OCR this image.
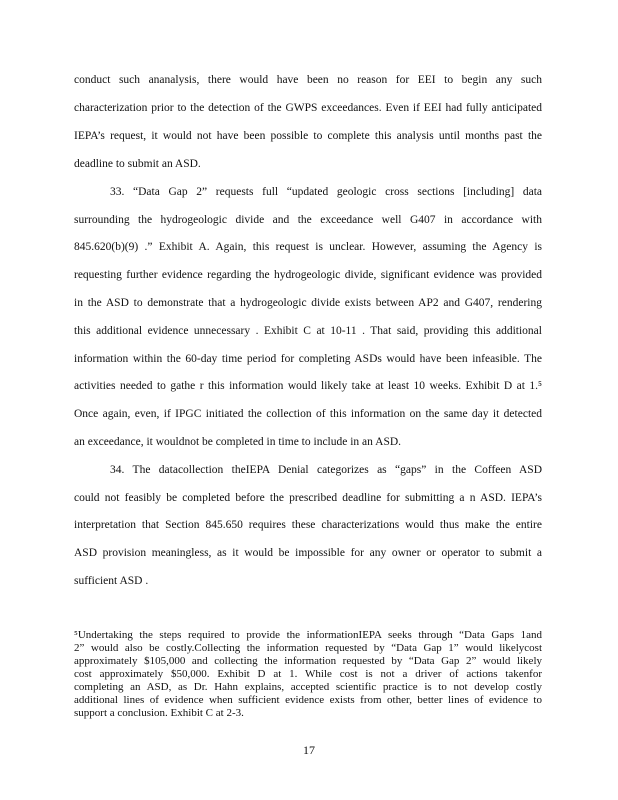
conduct such ananalysis, there would have been no reason for EEI to begin any such
characterization prior to the detection of the GWPS exceedances. Even if EEI had fully anticipated
IEPA’s request, it would not have been possible to complete this analysis until months past the
deadline to submit an ASD.
33. “Data Gap 2” requests full “updated geologic cross sections [including] data
surrounding the hydrogeologic divide and the exceedance well G407 in accordance with
845.620(b)(9) .” Exhibit A. Again, this request is unclear. However, assuming the Agency is
requesting further evidence regarding the hydrogeologic divide, significant evidence was provided
in the ASD to demonstrate that a hydrogeologic divide exists between AP2 and G407, rendering
this additional evidence unnecessary . Exhibit C at 10-11 . That said, providing this additional
information within the 60-day time period for completing ASDs would have been infeasible. The
activities needed to gathe r this information would likely take at least 10 weeks. Exhibit D at 1.⁵
Once again, even, if IPGC initiated the collection of this information on the same day it detected
an exceedance, it wouldnot be completed in time to include in an ASD.
34. The datacollection theIEPA Denial categorizes as “gaps” in the Coffeen ASD
could not feasibly be completed before the prescribed deadline for submitting a n ASD. IEPA’s
interpretation that Section 845.650 requires these characterizations would thus make the entire
ASD provision meaningless, as it would be impossible for any owner or operator to submit a
sufficient ASD .
⁵Undertaking the steps required to provide the informationIEPA seeks through “Data Gaps 1and
2” would also be costly.Collecting the information requested by “Data Gap 1” would likelycost
approximately $105,000 and collecting the information requested by “Data Gap 2” would likely
cost approximately $50,000. Exhibit D at 1. While cost is not a driver of actions takenfor
completing an ASD, as Dr. Hahn explains, accepted scientific practice is to not develop costly
additional lines of evidence when sufficient evidence exists from other, better lines of evidence to
support a conclusion. Exhibit C at 2-3.
17
